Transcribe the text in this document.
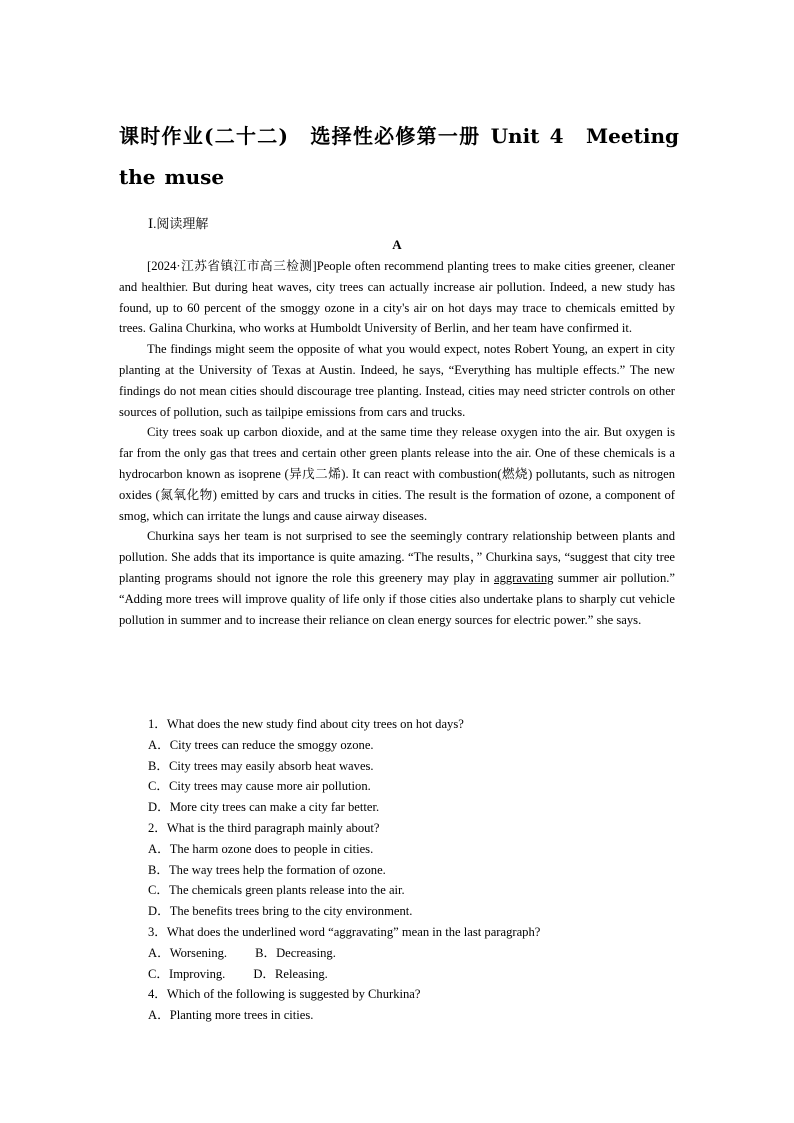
课时作业(二十二)　选择性必修第一册 Unit 4　Meeting the muse
Ⅰ.阅读理解
A

[2024·江苏省镇江市高三检测]People often recommend planting trees to make cities greener, cleaner and healthier. But during heat waves, city trees can actually increase air pollution. Indeed, a new study has found, up to 60 percent of the smoggy ozone in a city's air on hot days may trace to chemicals emitted by trees. Galina Churkina, who works at Humboldt University of Berlin, and her team have confirmed it.

The findings might seem the opposite of what you would expect, notes Robert Young, an expert in city planting at the University of Texas at Austin. Indeed, he says, “Everything has multiple effects.” The new findings do not mean cities should discourage tree planting. Instead, cities may need stricter controls on other sources of pollution, such as tailpipe emissions from cars and trucks.

City trees soak up carbon dioxide, and at the same time they release oxygen into the air. But oxygen is far from the only gas that trees and certain other green plants release into the air. One of these chemicals is a hydrocarbon known as isoprene (异戊二烯). It can react with combustion(燃烧) pollutants, such as nitrogen oxides (氮氧化物) emitted by cars and trucks in cities. The result is the formation of ozone, a component of smog, which can irritate the lungs and cause airway diseases.

Churkina says her team is not surprised to see the seemingly contrary relationship between plants and pollution. She adds that its importance is quite amazing. “The results，” Churkina says, “suggest that city tree planting programs should not ignore the role this greenery may play in aggravating summer air pollution.” “Adding more trees will improve quality of life only if those cities also undertake plans to sharply cut vehicle pollution in summer and to increase their reliance on clean energy sources for electric power.” she says.

1．What does the new study find about city trees on hot days?
A．City trees can reduce the smoggy ozone.
B．City trees may easily absorb heat waves.
C．City trees may cause more air pollution.
D．More city trees can make a city far better.
2．What is the third paragraph mainly about?
A．The harm ozone does to people in cities.
B．The way trees help the formation of ozone.
C．The chemicals green plants release into the air.
D．The benefits trees bring to the city environment.
3．What does the underlined word “aggravating” mean in the last paragraph?
A．Worsening. B．Decreasing.
C．Improving. D．Releasing.
4．Which of the following is suggested by Churkina?
A．Planting more trees in cities.
